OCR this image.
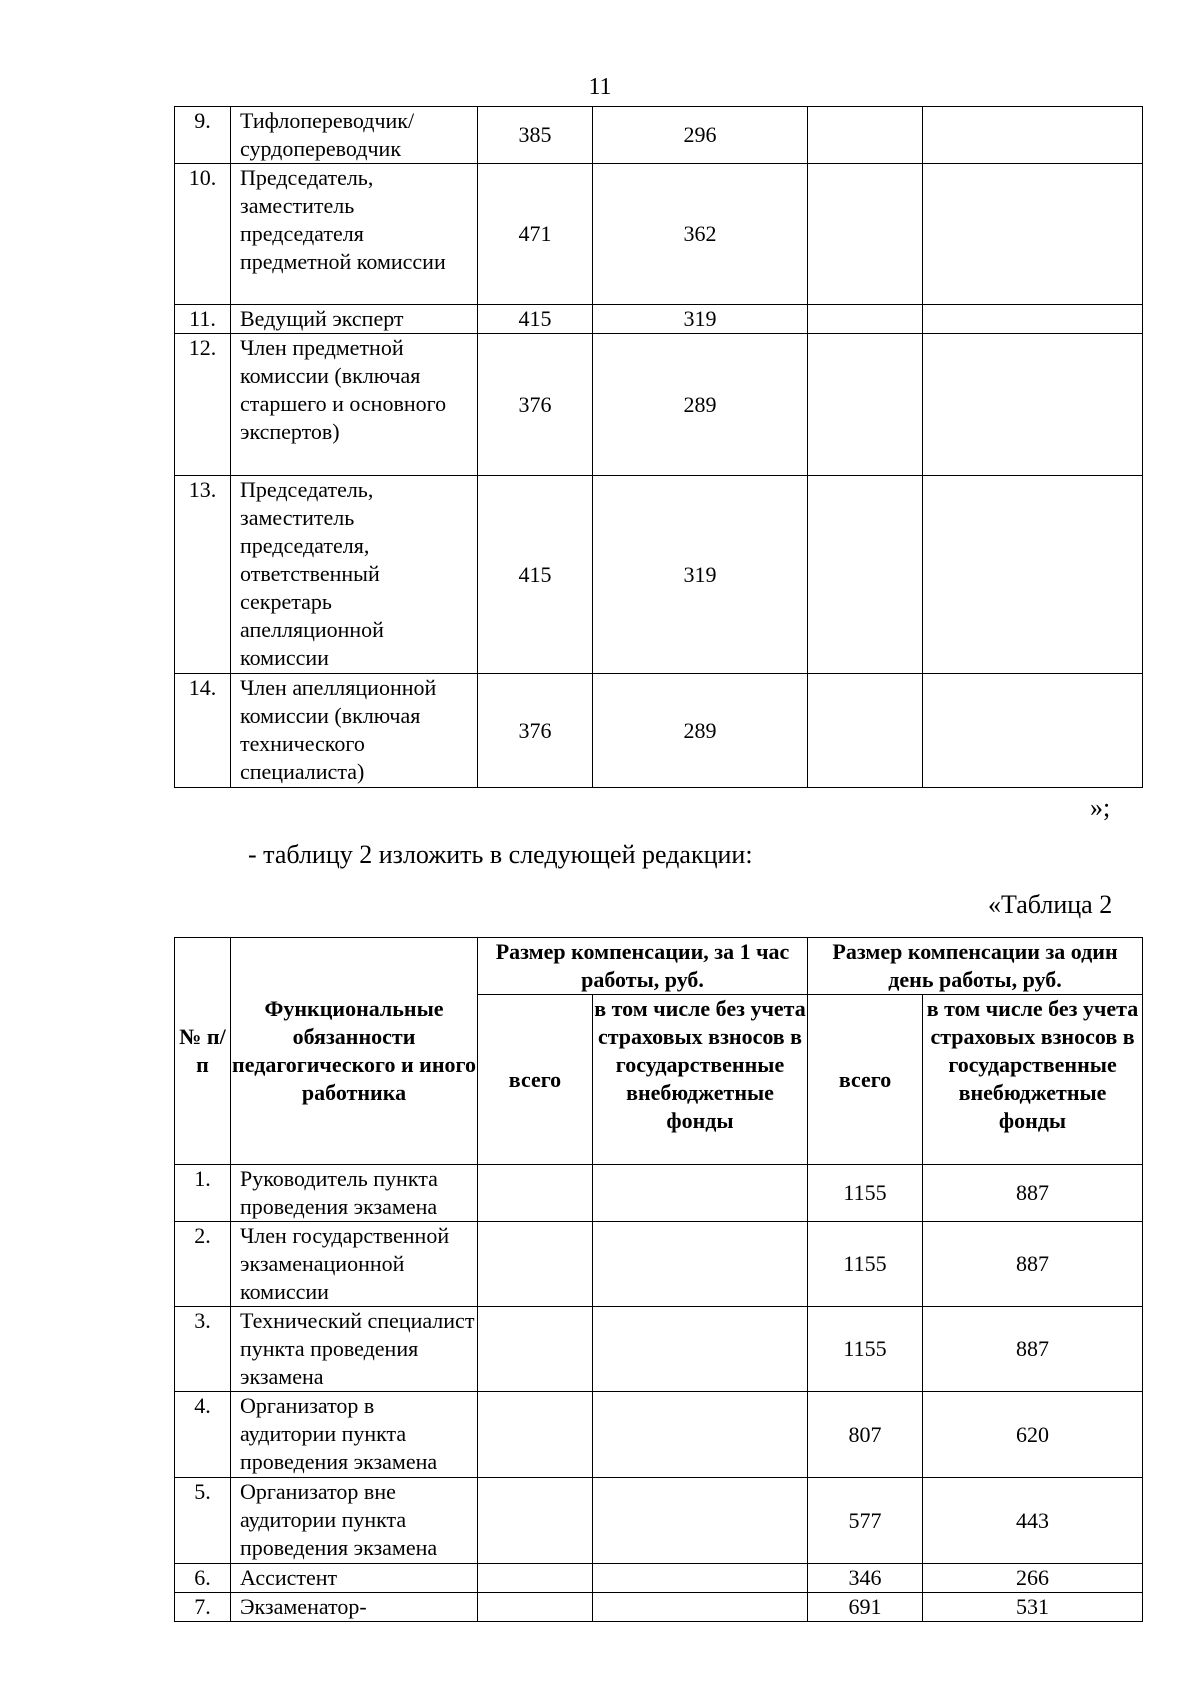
11
9.	Тифлопереводчик/ сурдопереводчик	385	296		
10.	Председатель, заместитель председателя предметной комиссии	471	362		
11.	Ведущий эксперт	415	319		
12.	Член предметной комиссии (включая старшего и основного экспертов)	376	289		
13.	Председатель, заместитель председателя, ответственный секретарь апелляционной комиссии	415	319		
14.	Член апелляционной комиссии (включая технического специалиста)	376	289		
»;
- таблицу 2 изложить в следующей редакции:
«Таблица 2
№ п/п	Функциональные обязанности педагогического и иного работника	Размер компенсации, за 1 час работы, руб.		Размер компенсации за один день работы, руб.	
		всего	в том числе без учета страховых взносов в государственные внебюджетные фонды	всего	в том числе без учета страховых взносов в государственные внебюджетные фонды
1.	Руководитель пункта проведения экзамена			1155	887
2.	Член государственной экзаменационной комиссии			1155	887
3.	Технический специалист пункта проведения экзамена			1155	887
4.	Организатор в аудитории пункта проведения экзамена			807	620
5.	Организатор вне аудитории пункта проведения экзамена			577	443
6.	Ассистент			346	266
7.	Экзаменатор-			691	531
